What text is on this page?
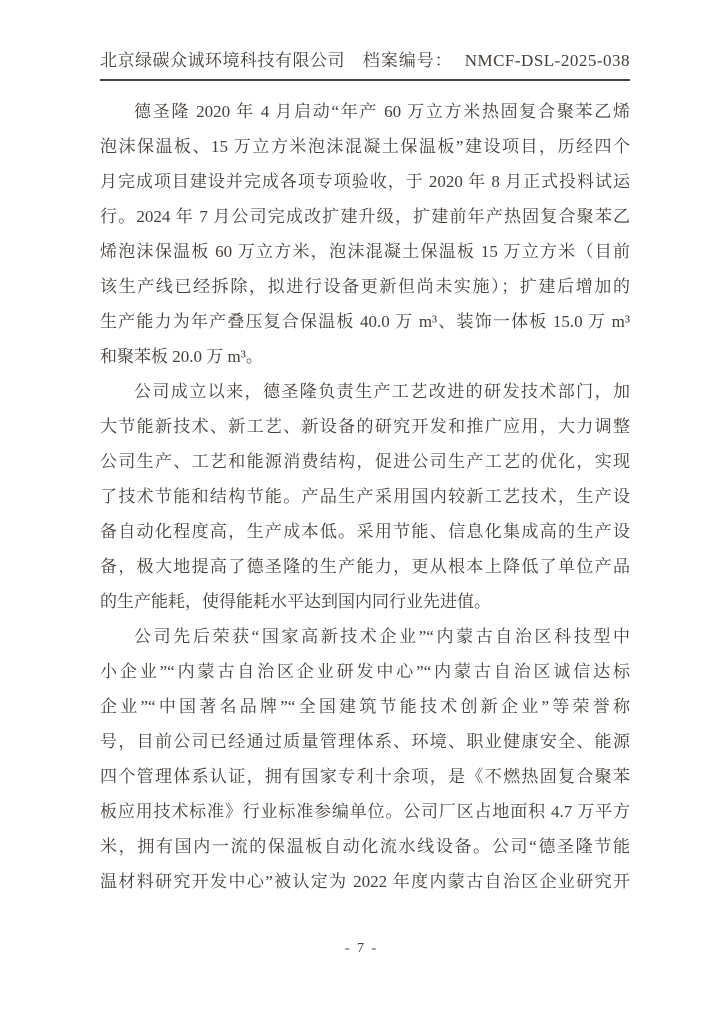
北京绿碳众诚环境科技有限公司 档案编号： NMCF-DSL-2025-038
德圣隆 2020 年 4 月启动“年产 60 万立方米热固复合聚苯乙烯
泡沫保温板、15 万立方米泡沫混凝土保温板”建设项目，历经四个
月完成项目建设并完成各项专项验收，于 2020 年 8 月正式投料试运
行。2024 年 7 月公司完成改扩建升级，扩建前年产热固复合聚苯乙
烯泡沫保温板 60 万立方米，泡沫混凝土保温板 15 万立方米（目前
该生产线已经拆除，拟进行设备更新但尚未实施）；扩建后增加的
生产能力为年产叠压复合保温板 40.0 万 m³、装饰一体板 15.0 万 m³
和聚苯板 20.0 万 m³。
公司成立以来，德圣隆负责生产工艺改进的研发技术部门，加
大节能新技术、新工艺、新设备的研究开发和推广应用，大力调整
公司生产、工艺和能源消费结构，促进公司生产工艺的优化，实现
了技术节能和结构节能。产品生产采用国内较新工艺技术，生产设
备自动化程度高，生产成本低。采用节能、信息化集成高的生产设
备，极大地提高了德圣隆的生产能力，更从根本上降低了单位产品
的生产能耗，使得能耗水平达到国内同行业先进值。
公司先后荣获“国家高新技术企业”“内蒙古自治区科技型中
小企业”“内蒙古自治区企业研发中心”“内蒙古自治区诚信达标
企业”“中国著名品牌”“全国建筑节能技术创新企业”等荣誉称
号，目前公司已经通过质量管理体系、环境、职业健康安全、能源
四个管理体系认证，拥有国家专利十余项，是《不燃热固复合聚苯
板应用技术标准》行业标准参编单位。公司厂区占地面积 4.7 万平方
米，拥有国内一流的保温板自动化流水线设备。公司“德圣隆节能
温材料研究开发中心”被认定为 2022 年度内蒙古自治区企业研究开
- 7 -
